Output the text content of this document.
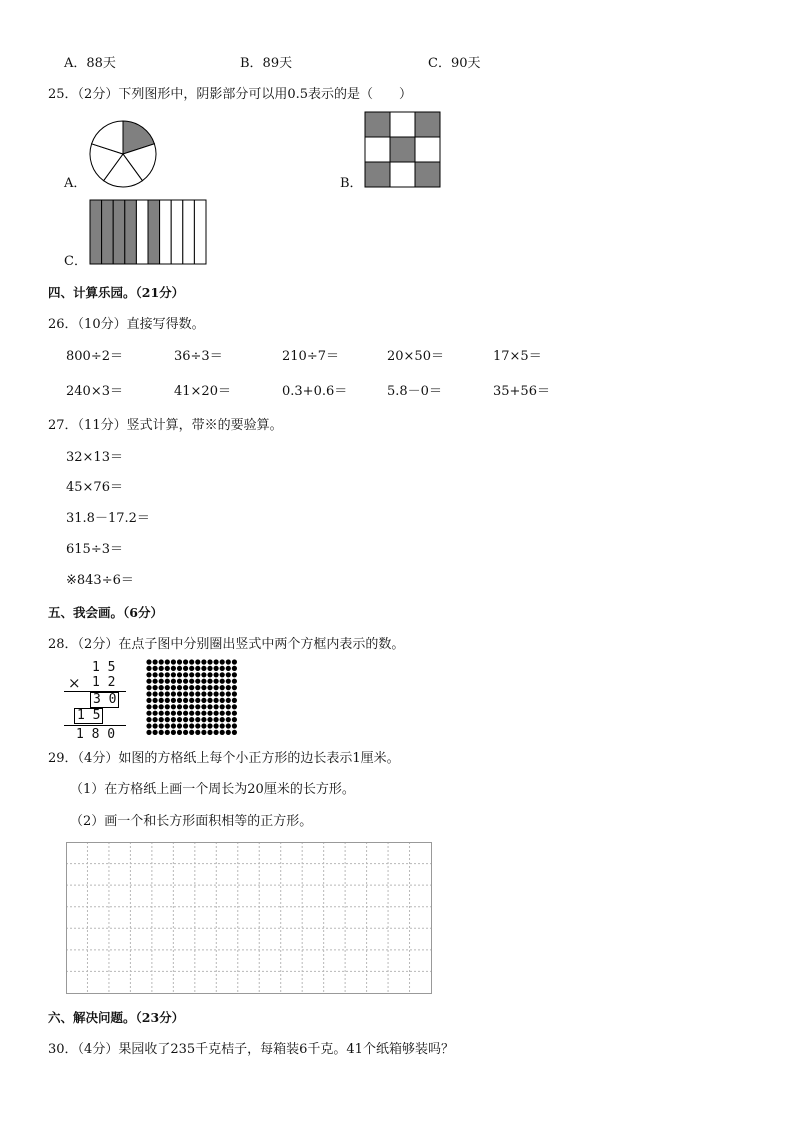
A．88天	B．89天	C．90天
25．（2分）下列图形中，阴影部分可以用0.5表示的是（　　）
A．	B．
C．
四、计算乐园。（21分）
26．（10分）直接写得数。
800÷2＝	36÷3＝	210÷7＝	20×50＝	17×5＝
240×3＝	41×20＝	0.3+0.6＝	5.8－0＝	35+56＝
27．（11分）竖式计算，带※的要验算。
32×13＝
45×76＝
31.8－17.2＝
615÷3＝
※843÷6＝
五、我会画。（6分）
28．（2分）在点子图中分别圈出竖式中两个方框内表示的数。
1 5
× 1 2
3 0
1 5
1 8 0
29．（4分）如图的方格纸上每个小正方形的边长表示1厘米。
（1）在方格纸上画一个周长为20厘米的长方形。
（2）画一个和长方形面积相等的正方形。
六、解决问题。（23分）
30．（4分）果园收了235千克桔子，每箱装6千克。41个纸箱够装吗？
